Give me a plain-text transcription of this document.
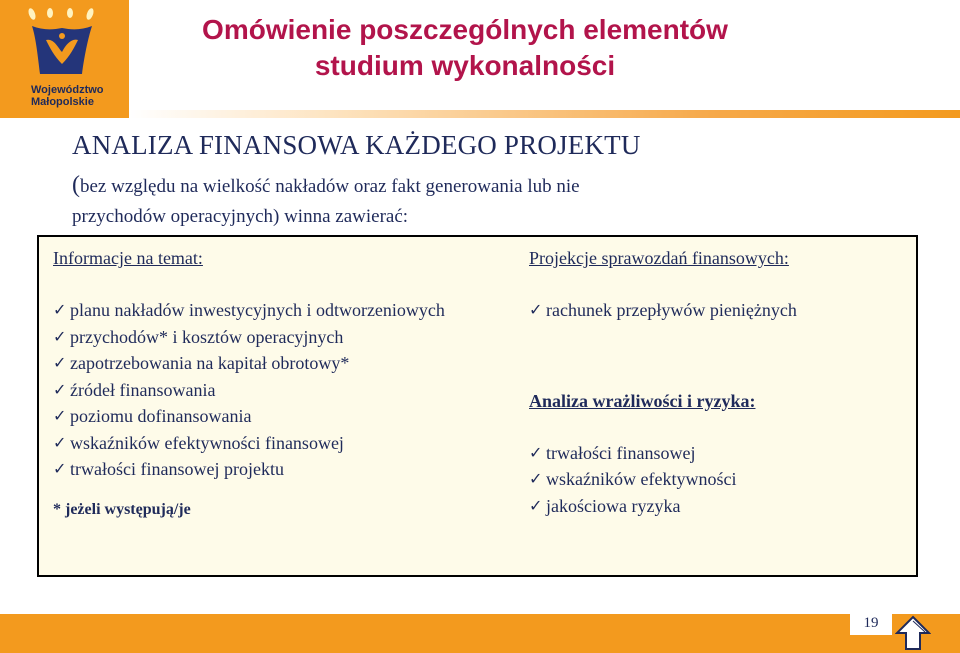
Województwo
Małopolskie
Omówienie poszczególnych elementów
studium wykonalności
ANALIZA FINANSOWA KAŻDEGO PROJEKTU
(bez względu na wielkość nakładów oraz fakt generowania lub nie
przychodów operacyjnych) winna zawierać:
Informacje na temat:
✓ planu nakładów inwestycyjnych i odtworzeniowych
✓ przychodów* i kosztów operacyjnych
✓ zapotrzebowania na kapitał obrotowy*
✓ źródeł finansowania
✓ poziomu dofinansowania
✓ wskaźników efektywności finansowej
✓ trwałości finansowej projektu
* jeżeli występują/je
Projekcje sprawozdań finansowych:
✓ rachunek przepływów pieniężnych
Analiza wrażliwości i ryzyka:
✓ trwałości finansowej
✓ wskaźników efektywności
✓ jakościowa ryzyka
19
